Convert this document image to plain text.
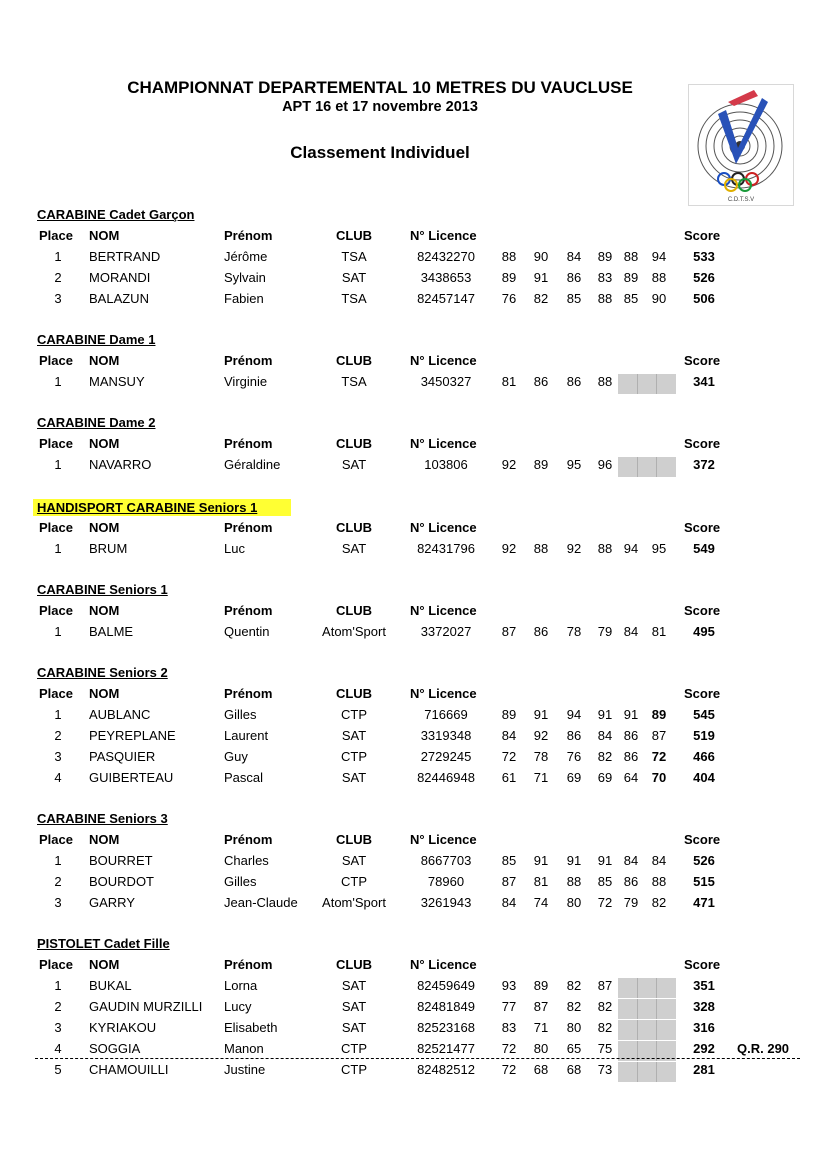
CHAMPIONNAT DEPARTEMENTAL 10 METRES DU VAUCLUSE
APT 16 et 17 novembre 2013
Classement Individuel
C.D.T.S.V
CARABINE Cadet Garçon
Place NOM	Prénom	CLUB	N° Licence	Score
1	BERTRAND	Jérôme	TSA	82432270	88	90	84	89 88	94	533
2	MORANDI	Sylvain	SAT	3438653	89	91	86	83 89	88	526
3	BALAZUN	Fabien	TSA	82457147	76	82	85	88 85	90	506
CARABINE Dame 1
Place NOM	Prénom	CLUB	N° Licence	Score
1	MANSUY	Virginie	TSA	3450327	81	86	86	88	341
CARABINE Dame 2
Place NOM	Prénom	CLUB	N° Licence	Score
1	NAVARRO	Géraldine	SAT	103806	92	89	95	96	372
HANDISPORT CARABINE Seniors 1
Place NOM	Prénom	CLUB	N° Licence	Score
1	BRUM	Luc	SAT	82431796	92	88	92	88 94	95	549
CARABINE Seniors 1
Place NOM	Prénom	CLUB	N° Licence	Score
1	BALME	Quentin	Atom'Sport	3372027	87	86	78	79 84	81	495
CARABINE Seniors 2
Place NOM	Prénom	CLUB	N° Licence	Score
1	AUBLANC	Gilles	CTP	716669	89	91	94	91 91	89	545
2	PEYREPLANE	Laurent	SAT	3319348	84	92	86	84 86	87	519
3	PASQUIER	Guy	CTP	2729245	72	78	76	82 86	72	466
4	GUIBERTEAU	Pascal	SAT	82446948	61	71	69	69 64	70	404
CARABINE Seniors 3
Place NOM	Prénom	CLUB	N° Licence	Score
1	BOURRET	Charles	SAT	8667703	85	91	91	91 84	84	526
2	BOURDOT	Gilles	CTP	78960	87	81	88	85 86	88	515
3	GARRY	Jean-Claude	Atom'Sport	3261943	84	74	80	72 79	82	471
PISTOLET Cadet Fille
Place NOM	Prénom	CLUB	N° Licence	Score
1	BUKAL	Lorna	SAT	82459649	93	89	82	87	351
2	GAUDIN MURZILLI Lucy	SAT	82481849	77	87	82	82	328
3	KYRIAKOU	Elisabeth	SAT	82523168	83	71	80	82	316
4	SOGGIA	Manon	CTP	82521477	72	80	65	75	292	Q.R. 290
5	CHAMOUILLI	Justine	CTP	82482512	72	68	68	73	281
